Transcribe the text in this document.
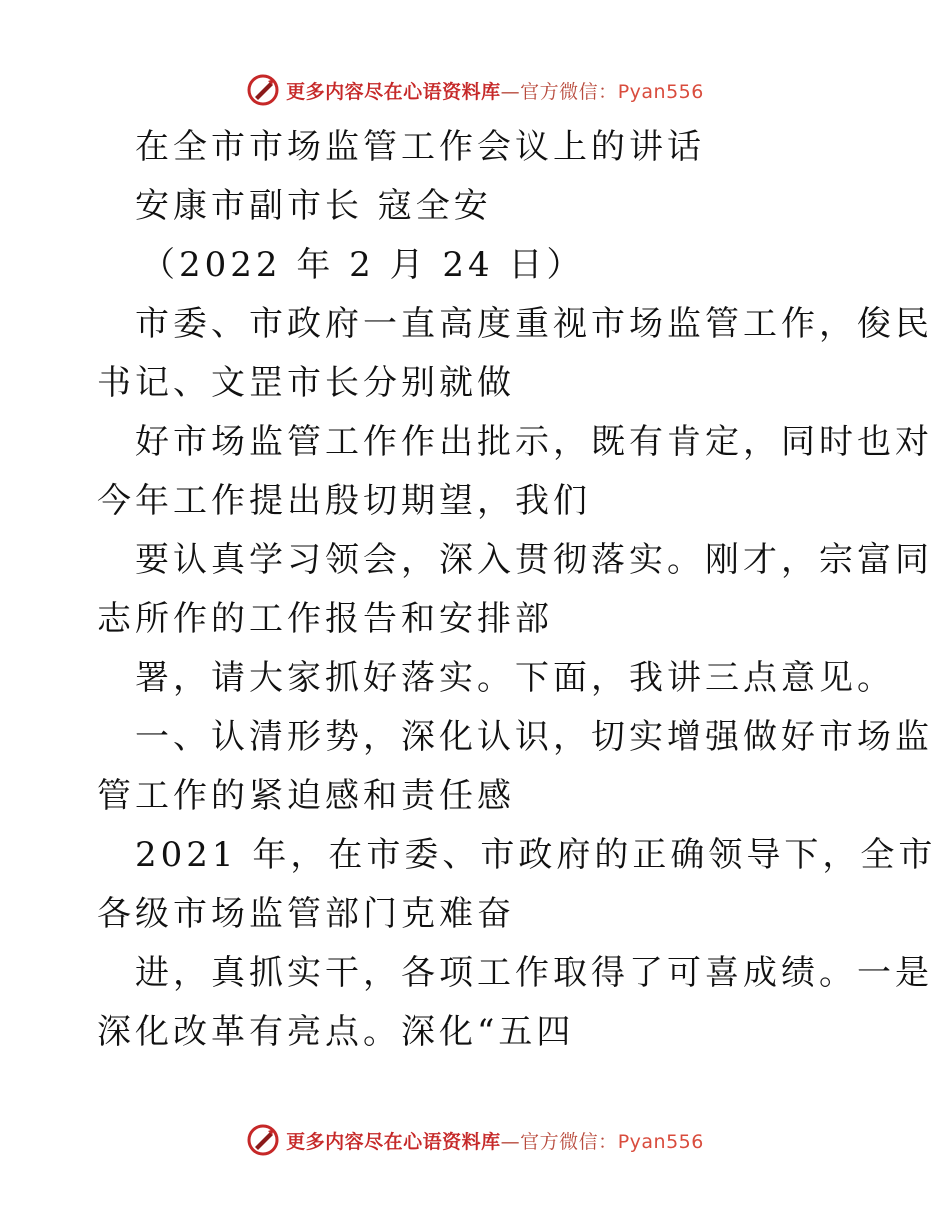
更多内容尽在心语资料库—官方微信：Pyan556
在全市市场监管工作会议上的讲话
安康市副市长 寇全安
（2022 年 2 月 24 日）
市委、市政府一直高度重视市场监管工作，俊民
书记、文罡市长分别就做
好市场监管工作作出批示，既有肯定，同时也对
今年工作提出殷切期望，我们
要认真学习领会，深入贯彻落实。刚才，宗富同
志所作的工作报告和安排部
署，请大家抓好落实。下面，我讲三点意见。
一、认清形势，深化认识，切实增强做好市场监
管工作的紧迫感和责任感
2021 年，在市委、市政府的正确领导下，全市
各级市场监管部门克难奋
进，真抓实干，各项工作取得了可喜成绩。一是
深化改革有亮点。深化“五四
更多内容尽在心语资料库—官方微信：Pyan556
